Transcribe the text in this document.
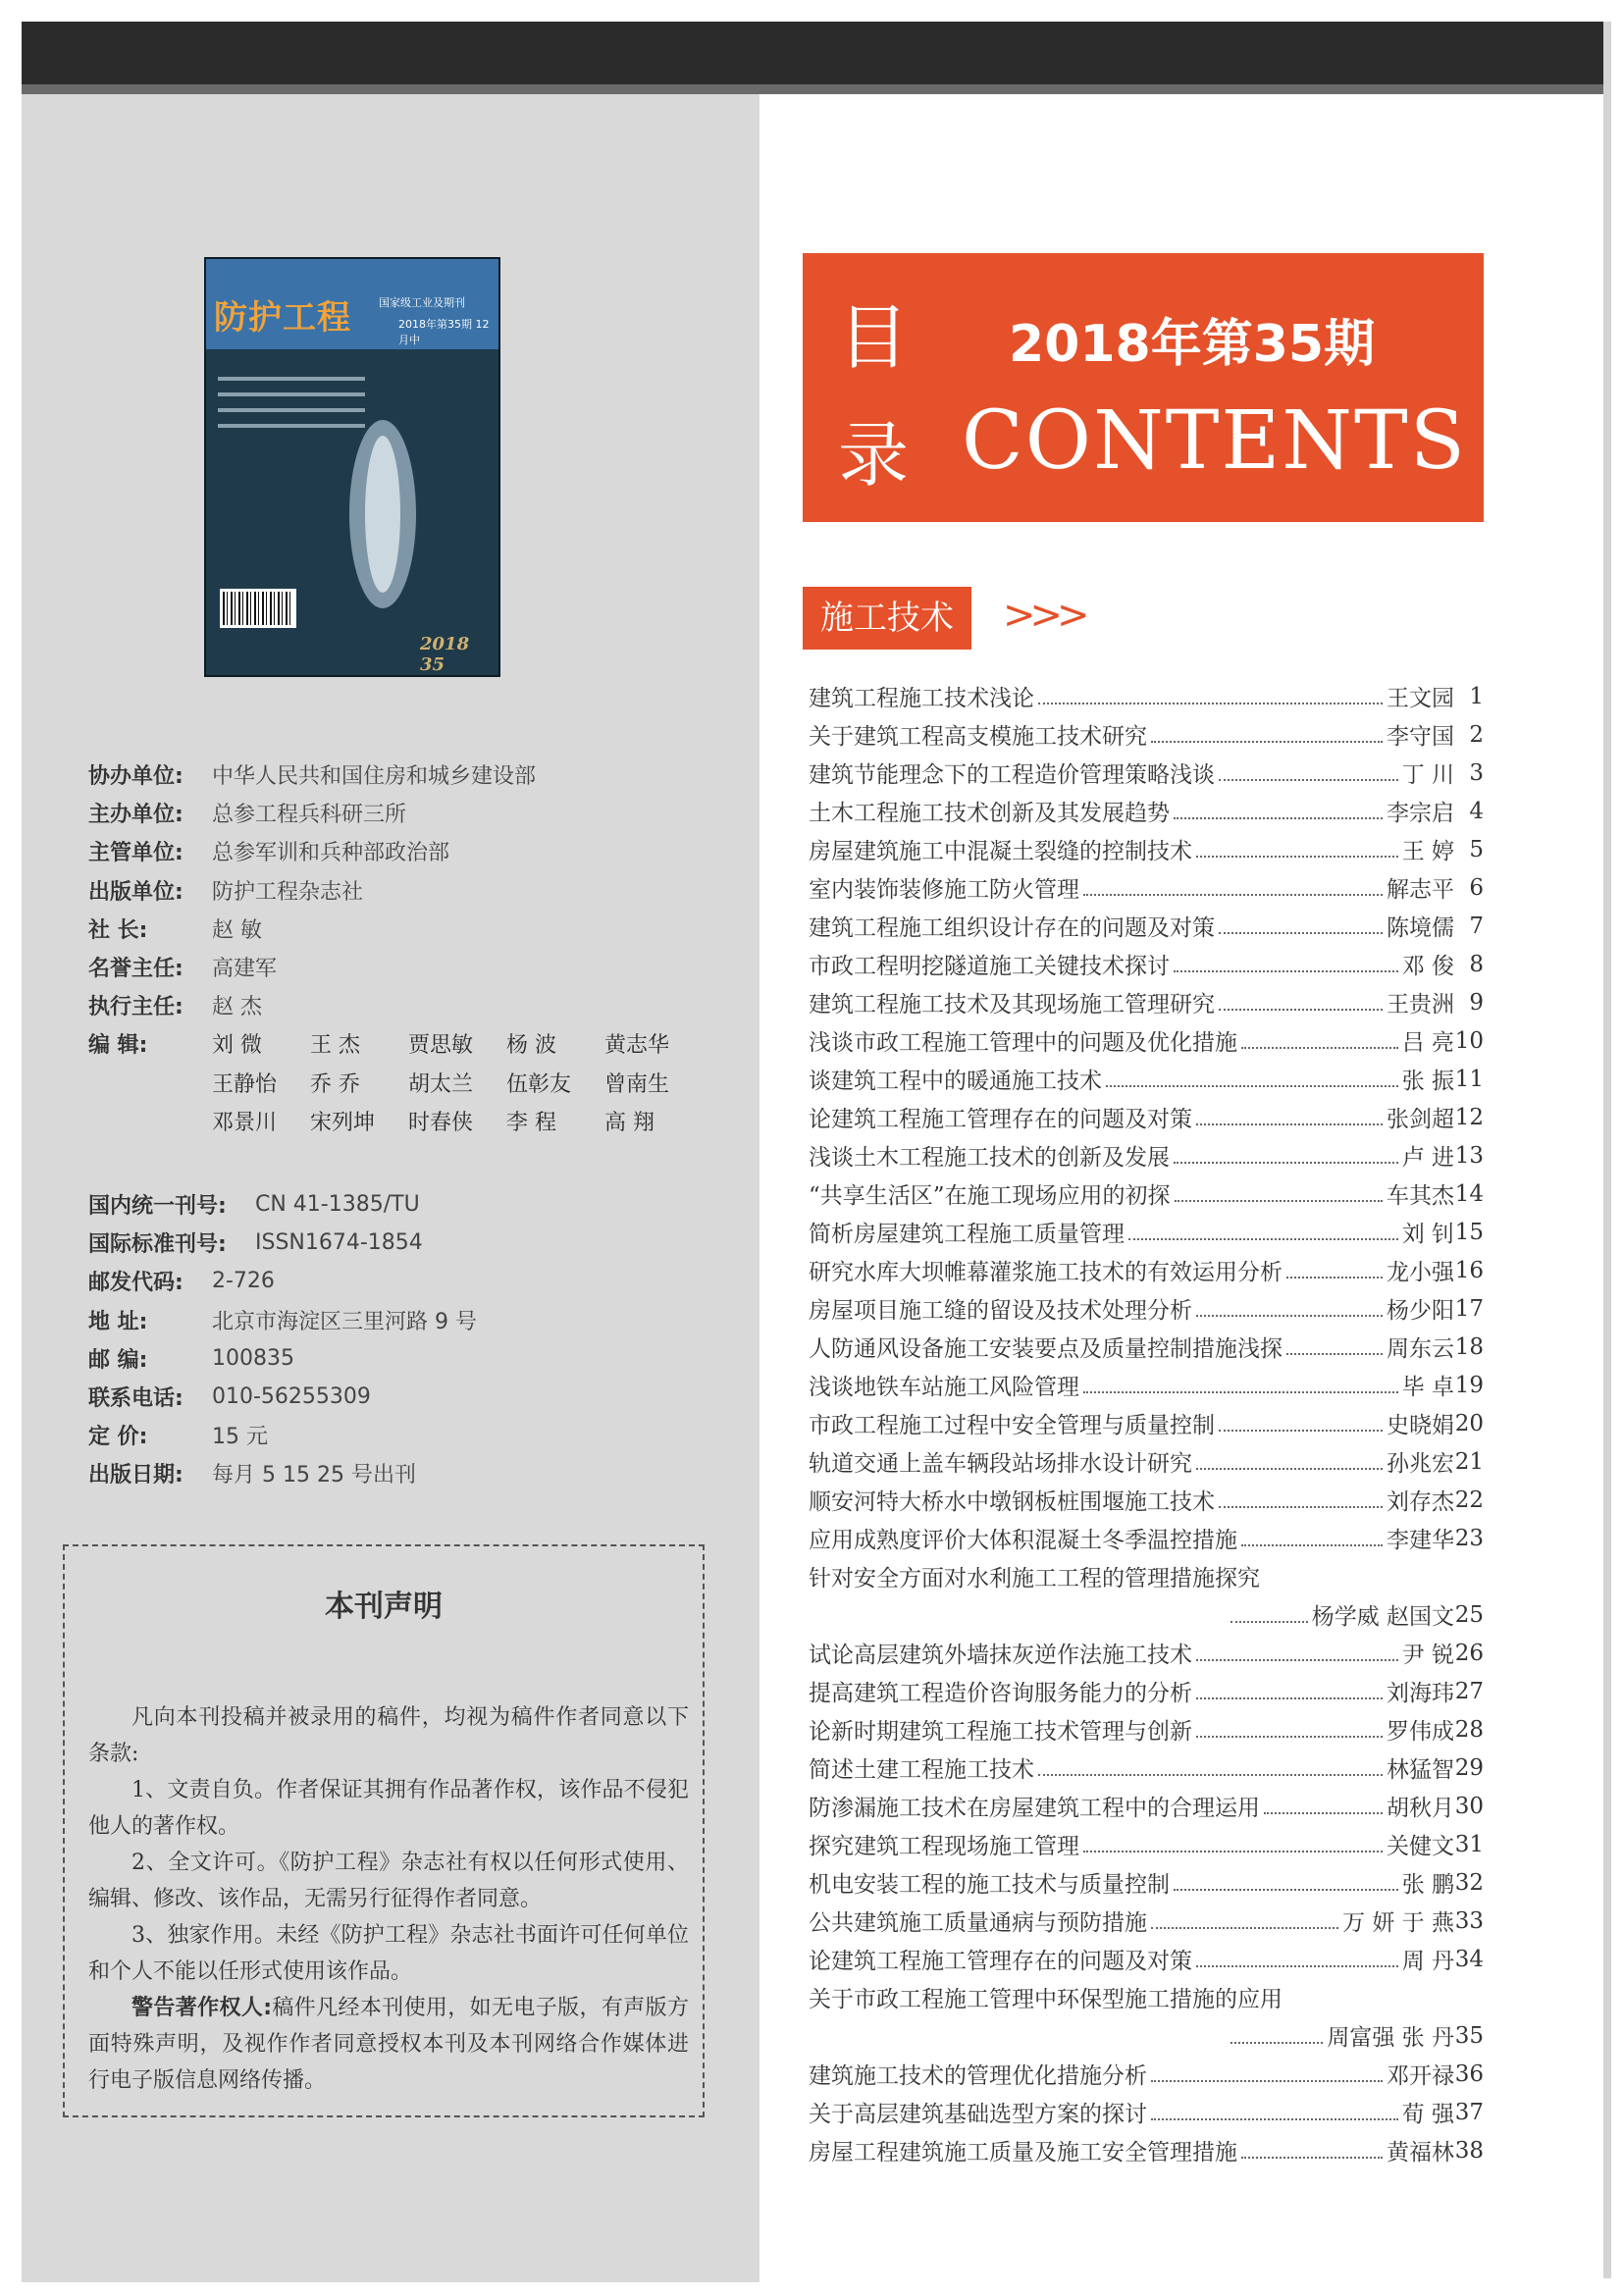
防护工程	国家级工业及期刊
2018年第35期 12月中
2018 35
协办单位:	中华人民共和国住房和城乡建设部
主办单位:	总参工程兵科研三所
主管单位:	总参军训和兵种部政治部
出版单位:	防护工程杂志社
社 长:	赵 敏
名誉主任:	高建军
执行主任:	赵 杰
编 辑:	刘 微	王 杰	贾思敏	杨 波	黄志华
王静怡	乔 乔	胡太兰	伍彰友	曾南生
邓景川	宋列坤	时春侠	李 程	高 翔
国内统一刊号:	CN 41-1385/TU
国际标准刊号:	ISSN1674-1854
邮发代码:	2-726
地 址:	北京市海淀区三里河路 9 号
邮 编:	100835
联系电话:	010-56255309
定 价:	15 元
出版日期:	每月 5 15 25 号出刊
本刊声明

凡向本刊投稿并被录用的稿件，均视为稿件作者同意以下条款:

1、文责自负。作者保证其拥有作品著作权，该作品不侵犯他人的著作权。

2、全文许可。《防护工程》杂志社有权以任何形式使用、编辑、修改、该作品，无需另行征得作者同意。

3、独家作用。未经《防护工程》杂志社书面许可任何单位和个人不能以任形式使用该作品。

警告著作权人:稿件凡经本刊使用，如无电子版，有声版方面特殊声明，及视作作者同意授权本刊及本刊网络合作媒体进行电子版信息网络传播。

目
录
2018年第35期
CONTENTS
施工技术 >>>
建筑工程施工技术浅论	王文园 1
关于建筑工程高支模施工技术研究	李守国 2
建筑节能理念下的工程造价管理策略浅谈	丁 川 3
土木工程施工技术创新及其发展趋势	李宗启 4
房屋建筑施工中混凝土裂缝的控制技术	王 婷 5
室内装饰装修施工防火管理	解志平 6
建筑工程施工组织设计存在的问题及对策	陈境儒 7
市政工程明挖隧道施工关键技术探讨	邓 俊 8
建筑工程施工技术及其现场施工管理研究	王贵洲 9
浅谈市政工程施工管理中的问题及优化措施	吕 亮 10
谈建筑工程中的暖通施工技术	张 振 11
论建筑工程施工管理存在的问题及对策	张剑超 12
浅谈土木工程施工技术的创新及发展	卢 进 13
“共享生活区”在施工现场应用的初探	车其杰 14
简析房屋建筑工程施工质量管理	刘 钊 15
研究水库大坝帷幕灌浆施工技术的有效运用分析	龙小强 16
房屋项目施工缝的留设及技术处理分析	杨少阳 17
人防通风设备施工安装要点及质量控制措施浅探	周东云 18
浅谈地铁车站施工风险管理	毕 卓 19
市政工程施工过程中安全管理与质量控制	史晓娟 20
轨道交通上盖车辆段站场排水设计研究	孙兆宏 21
顺安河特大桥水中墩钢板桩围堰施工技术	刘存杰 22
应用成熟度评价大体积混凝土冬季温控措施	李建华 23
针对安全方面对水利施工工程的管理措施探究
杨学威 赵国文 25
试论高层建筑外墙抹灰逆作法施工技术	尹 锐 26
提高建筑工程造价咨询服务能力的分析	刘海玮 27
论新时期建筑工程施工技术管理与创新	罗伟成 28
简述土建工程施工技术	林猛智 29
防渗漏施工技术在房屋建筑工程中的合理运用	胡秋月 30
探究建筑工程现场施工管理	关健文 31
机电安装工程的施工技术与质量控制	张 鹏 32
公共建筑施工质量通病与预防措施	万 妍 于 燕 33
论建筑工程施工管理存在的问题及对策	周 丹 34
关于市政工程施工管理中环保型施工措施的应用
周富强 张 丹 35
建筑施工技术的管理优化措施分析	邓开禄 36
关于高层建筑基础选型方案的探讨	荀 强 37
房屋工程建筑施工质量及施工安全管理措施	黄福林 38
